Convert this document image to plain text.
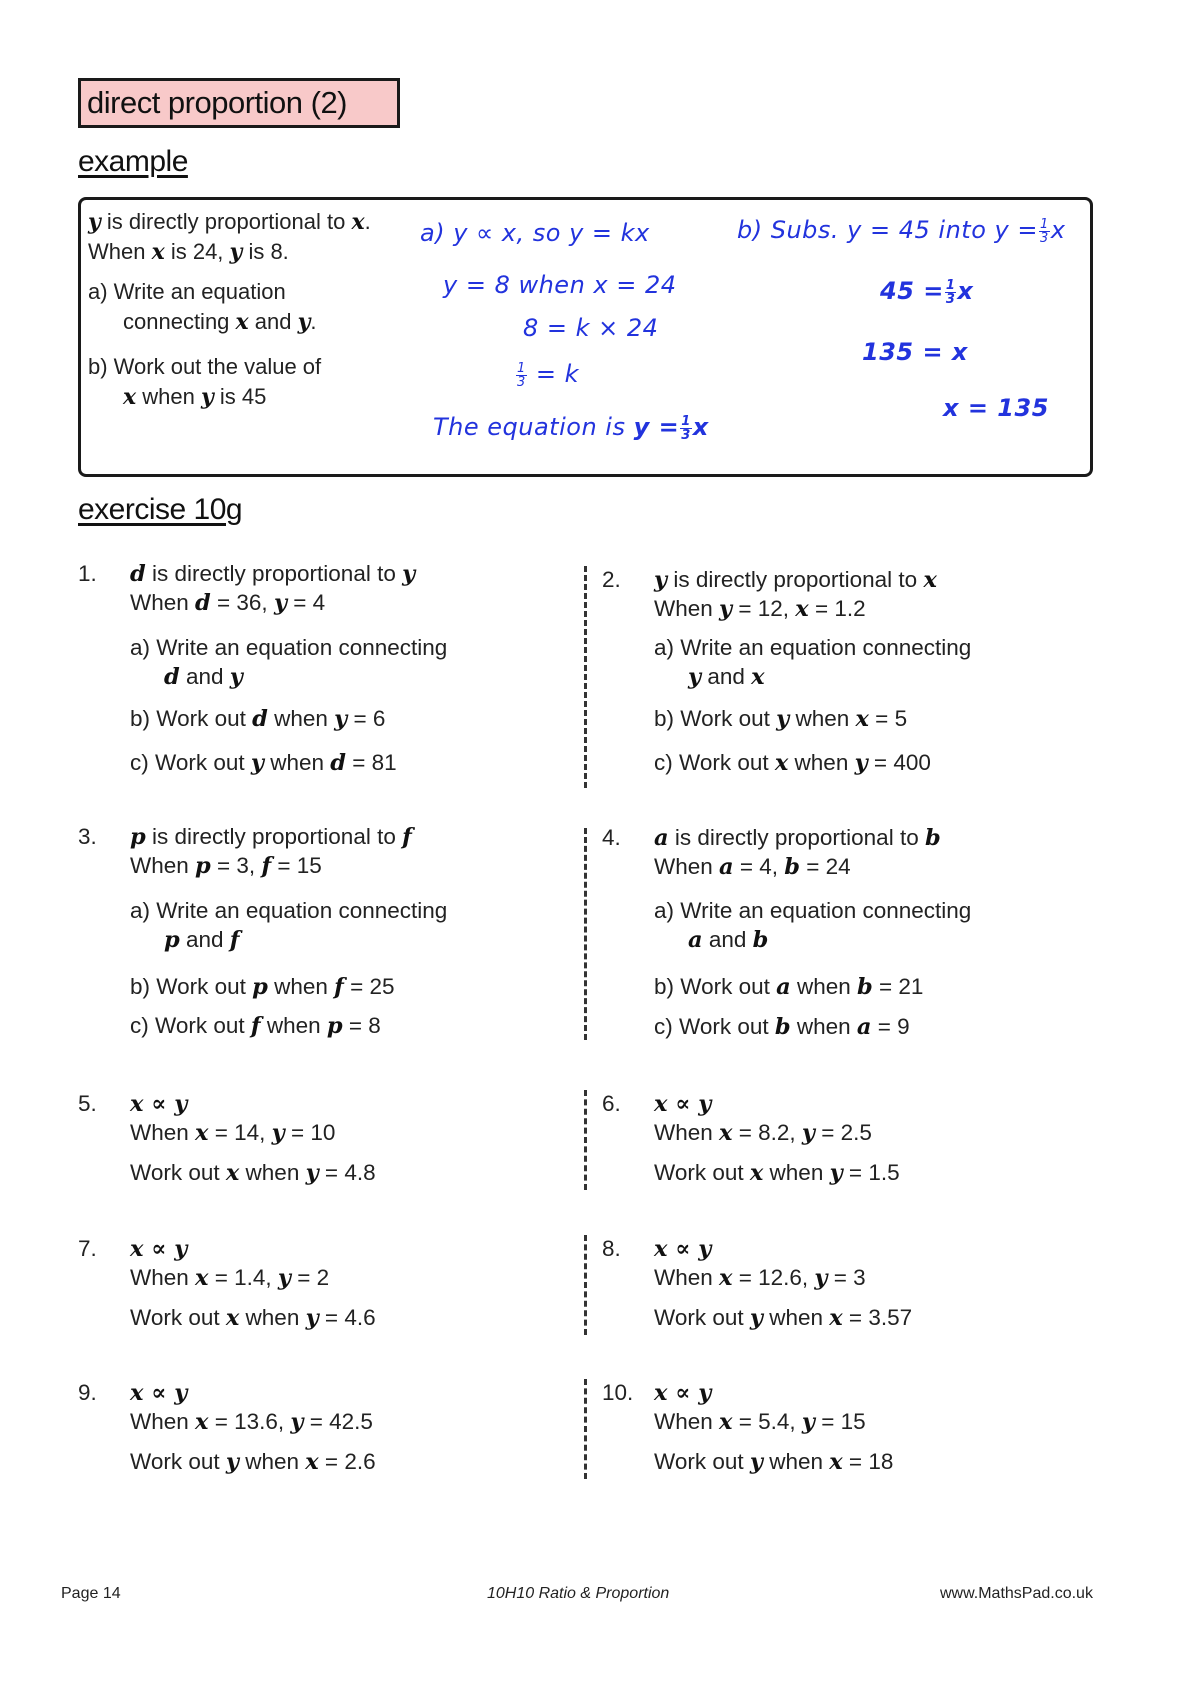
direct proportion (2)
example
y is directly proportional to x.
When x is 24, y is 8.
a) Write an equation
connecting x and y.
b) Work out the value of
x when y is 45
a) y ∝ x, so y = kx
y = 8 when x = 24
8 = k × 24
$\frac{1}{3} = k$
The equation is $y = \frac{1}{3}$ x
b) Subs. y = 45 into $y = \frac{1}{3}$ x
$45 = \frac{1}{3}$ x
135 = x
x = 135
exercise 10g
1. d is directly proportional to y
When d = 36, y = 4
a) Write an equation connecting
d and y
b) Work out d when y = 6
c) Work out y when d = 81
2. y is directly proportional to x
When y = 12, x = 1.2
a) Write an equation connecting
y and x
b) Work out y when x = 5
c) Work out x when y = 400
3. p is directly proportional to f
When p = 3, f = 15
a) Write an equation connecting
p and f
b) Work out p when f = 25
c) Work out f when p = 8
4. a is directly proportional to b
When a = 4, b = 24
a) Write an equation connecting
a and b
b) Work out a when b = 21
c) Work out b when a = 9
5. x ∝ y
When x = 14, y = 10
Work out x when y = 4.8
6. x ∝ y
When x = 8.2, y = 2.5
Work out x when y = 1.5
7. x ∝ y
When x = 1.4, y = 2
Work out x when y = 4.6
8. x ∝ y
When x = 12.6, y = 3
Work out y when x = 3.57
9. x ∝ y
When x = 13.6, y = 42.5
Work out y when x = 2.6
10. x ∝ y
When x = 5.4, y = 15
Work out y when x = 18
Page 14	10H10 Ratio & Proportion	www.MathsPad.co.uk
